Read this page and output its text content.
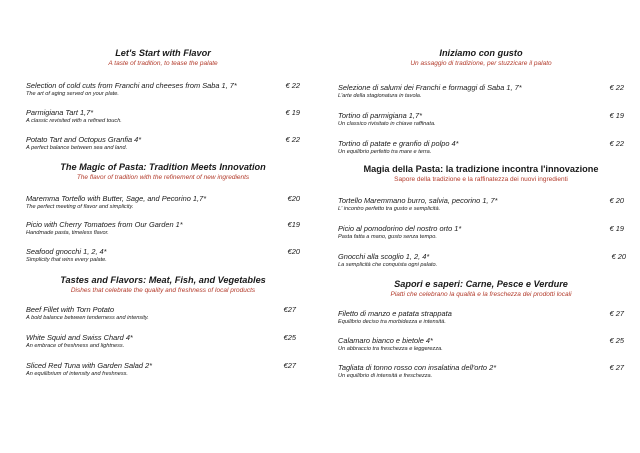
Let's Start with Flavor
A taste of tradition, to tease the palate
Selection of cold cuts from Franchi and cheeses from Saba 1, 7*
The art of aging served on your plate.
€ 22
Parmigiana Tart 1,7*
A classic revisited with a refined touch.
€ 19
Potato Tart and Octopus Granfia 4*
A perfect balance between sea and land.
€ 22
The Magic of Pasta: Tradition Meets Innovation
The flavor of tradition with the refinement of new ingredients
Maremma Tortello with Butter, Sage, and Pecorino 1,7*
The perfect meeting of flavor and simplicity.
€20
Picio with Cherry Tomatoes from Our Garden 1*
Handmade pasta, timeless flavor.
€19
Seafood gnocchi 1, 2, 4*
Simplicity that wins every palate.
€20
Tastes and Flavors: Meat, Fish, and Vegetables
Dishes that celebrate the quality and freshness of local products
Beef Fillet with Torn Potato
A bold balance between tenderness and intensity.
€27
White Squid and Swiss Chard 4*
An embrace of freshness and lightness.
€25
Sliced Red Tuna with Garden Salad 2*
An equilibrium of intensity and freshness.
€27
Iniziamo con gusto
Un assaggio di tradizione, per stuzzicare il palato
Selezione di salumi dei Franchi e formaggi di Saba 1, 7*
L'arte della stagionatura in tavola.
€ 22
Tortino di parmigiana 1,7*
Un classico rivisitato in chiave raffinata.
€ 19
Tortino di patate e granfio di polpo 4*
Un equilibrio perfetto tra mare e terra.
€ 22
Magia della Pasta: la tradizione incontra l'innovazione
Sapore della tradizione e la raffinatezza dei nuovi ingredienti
Tortello Maremmano burro, salvia, pecorino 1, 7*
L' incontro perfetto tra gusto e semplicità.
€ 20
Picio al pomodorino del nostro orto 1*
Pasta fatta a mano, gusto senza tempo.
€ 19
Gnocchi alla scoglio 1, 2, 4*
La semplicità che conquista ogni palato.
€ 20
Sapori e saperi: Carne, Pesce e Verdure
Piatti che celebrano la qualità e la freschezza dei prodotti locali
Filetto di manzo e patata strappata
Equilibrio deciso tra morbidezza e intensità.
€ 27
Calamaro bianco e bietole 4*
Un abbraccio tra freschezza e leggerezza.
€ 25
Tagliata di tonno rosso con insalatina dell'orto 2*
Un equilibrio di intensità e freschezza.
€ 27
